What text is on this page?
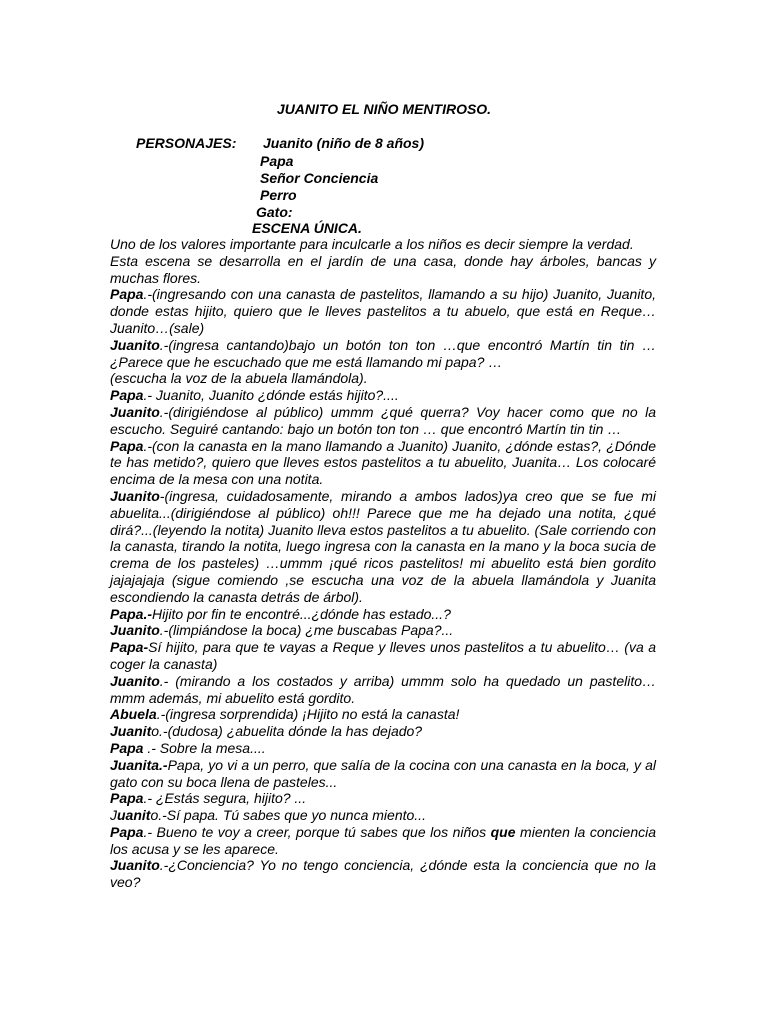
JUANITO EL NIÑO MENTIROSO.
PERSONAJES: Juanito (niño de 8 años)
Papa
Señor Conciencia
Perro
Gato:
ESCENA ÚNICA.

Uno de los valores importante para inculcarle a los niños es decir siempre la verdad.

Esta escena se desarrolla en el jardín de una casa, donde hay árboles, bancas y muchas flores.

Papa.-(ingresando con una canasta de pastelitos, llamando a su hijo) Juanito, Juanito, donde estas hijito, quiero que le lleves pastelitos a tu abuelo, que está en Reque…Juanito…(sale)

Juanito.-(ingresa cantando)bajo un botón ton ton …que encontró Martín tin tin … ¿Parece que he escuchado que me está llamando mi papa? …

(escucha la voz de la abuela llamándola).

Papa.- Juanito, Juanito ¿dónde estás hijito?....

Juanito.-(dirigiéndose al público) ummm ¿qué querra? Voy hacer como que no la escucho. Seguiré cantando: bajo un botón ton ton … que encontró Martín tin tin …

Papa.-(con la canasta en la mano llamando a Juanito) Juanito, ¿dónde estas?, ¿Dónde te has metido?, quiero que lleves estos pastelitos a tu abuelito, Juanita… Los colocaré encima de la mesa con una notita.

Juanito-(ingresa, cuidadosamente, mirando a ambos lados)ya creo que se fue mi abuelita...(dirigiéndose al público) oh!!! Parece que me ha dejado una notita, ¿qué dirá?...(leyendo la notita) Juanito lleva estos pastelitos a tu abuelito. (Sale corriendo con la canasta, tirando la notita, luego ingresa con la canasta en la mano y la boca sucia de crema de los pasteles) …ummm ¡qué ricos pastelitos! mi abuelito está bien gordito jajajajaja (sigue comiendo ,se escucha una voz de la abuela llamándola y Juanita escondiendo la canasta detrás de árbol).

Papa.-Hijito por fin te encontré...¿dónde has estado...?

Juanito.-(limpiándose la boca) ¿me buscabas Papa?...

Papa-Sí hijito, para que te vayas a Reque y lleves unos pastelitos a tu abuelito… (va a coger la canasta)

Juanito.- (mirando a los costados y arriba) ummm solo ha quedado un pastelito… mmm además, mi abuelito está gordito.

Abuela.-(ingresa sorprendida) ¡Hijito no está la canasta!

Juanito.-(dudosa) ¿abuelita dónde la has dejado?

Papa .- Sobre la mesa....

Juanita.-Papa, yo vi a un perro, que salía de la cocina con una canasta en la boca, y al gato con su boca llena de pasteles...

Papa.- ¿Estás segura, hijito? ...

Juanito.-Sí papa. Tú sabes que yo nunca miento...

Papa.- Bueno te voy a creer, porque tú sabes que los niños que mienten la conciencia los acusa y se les aparece.

Juanito.-¿Conciencia? Yo no tengo conciencia, ¿dónde esta la conciencia que no la veo?
